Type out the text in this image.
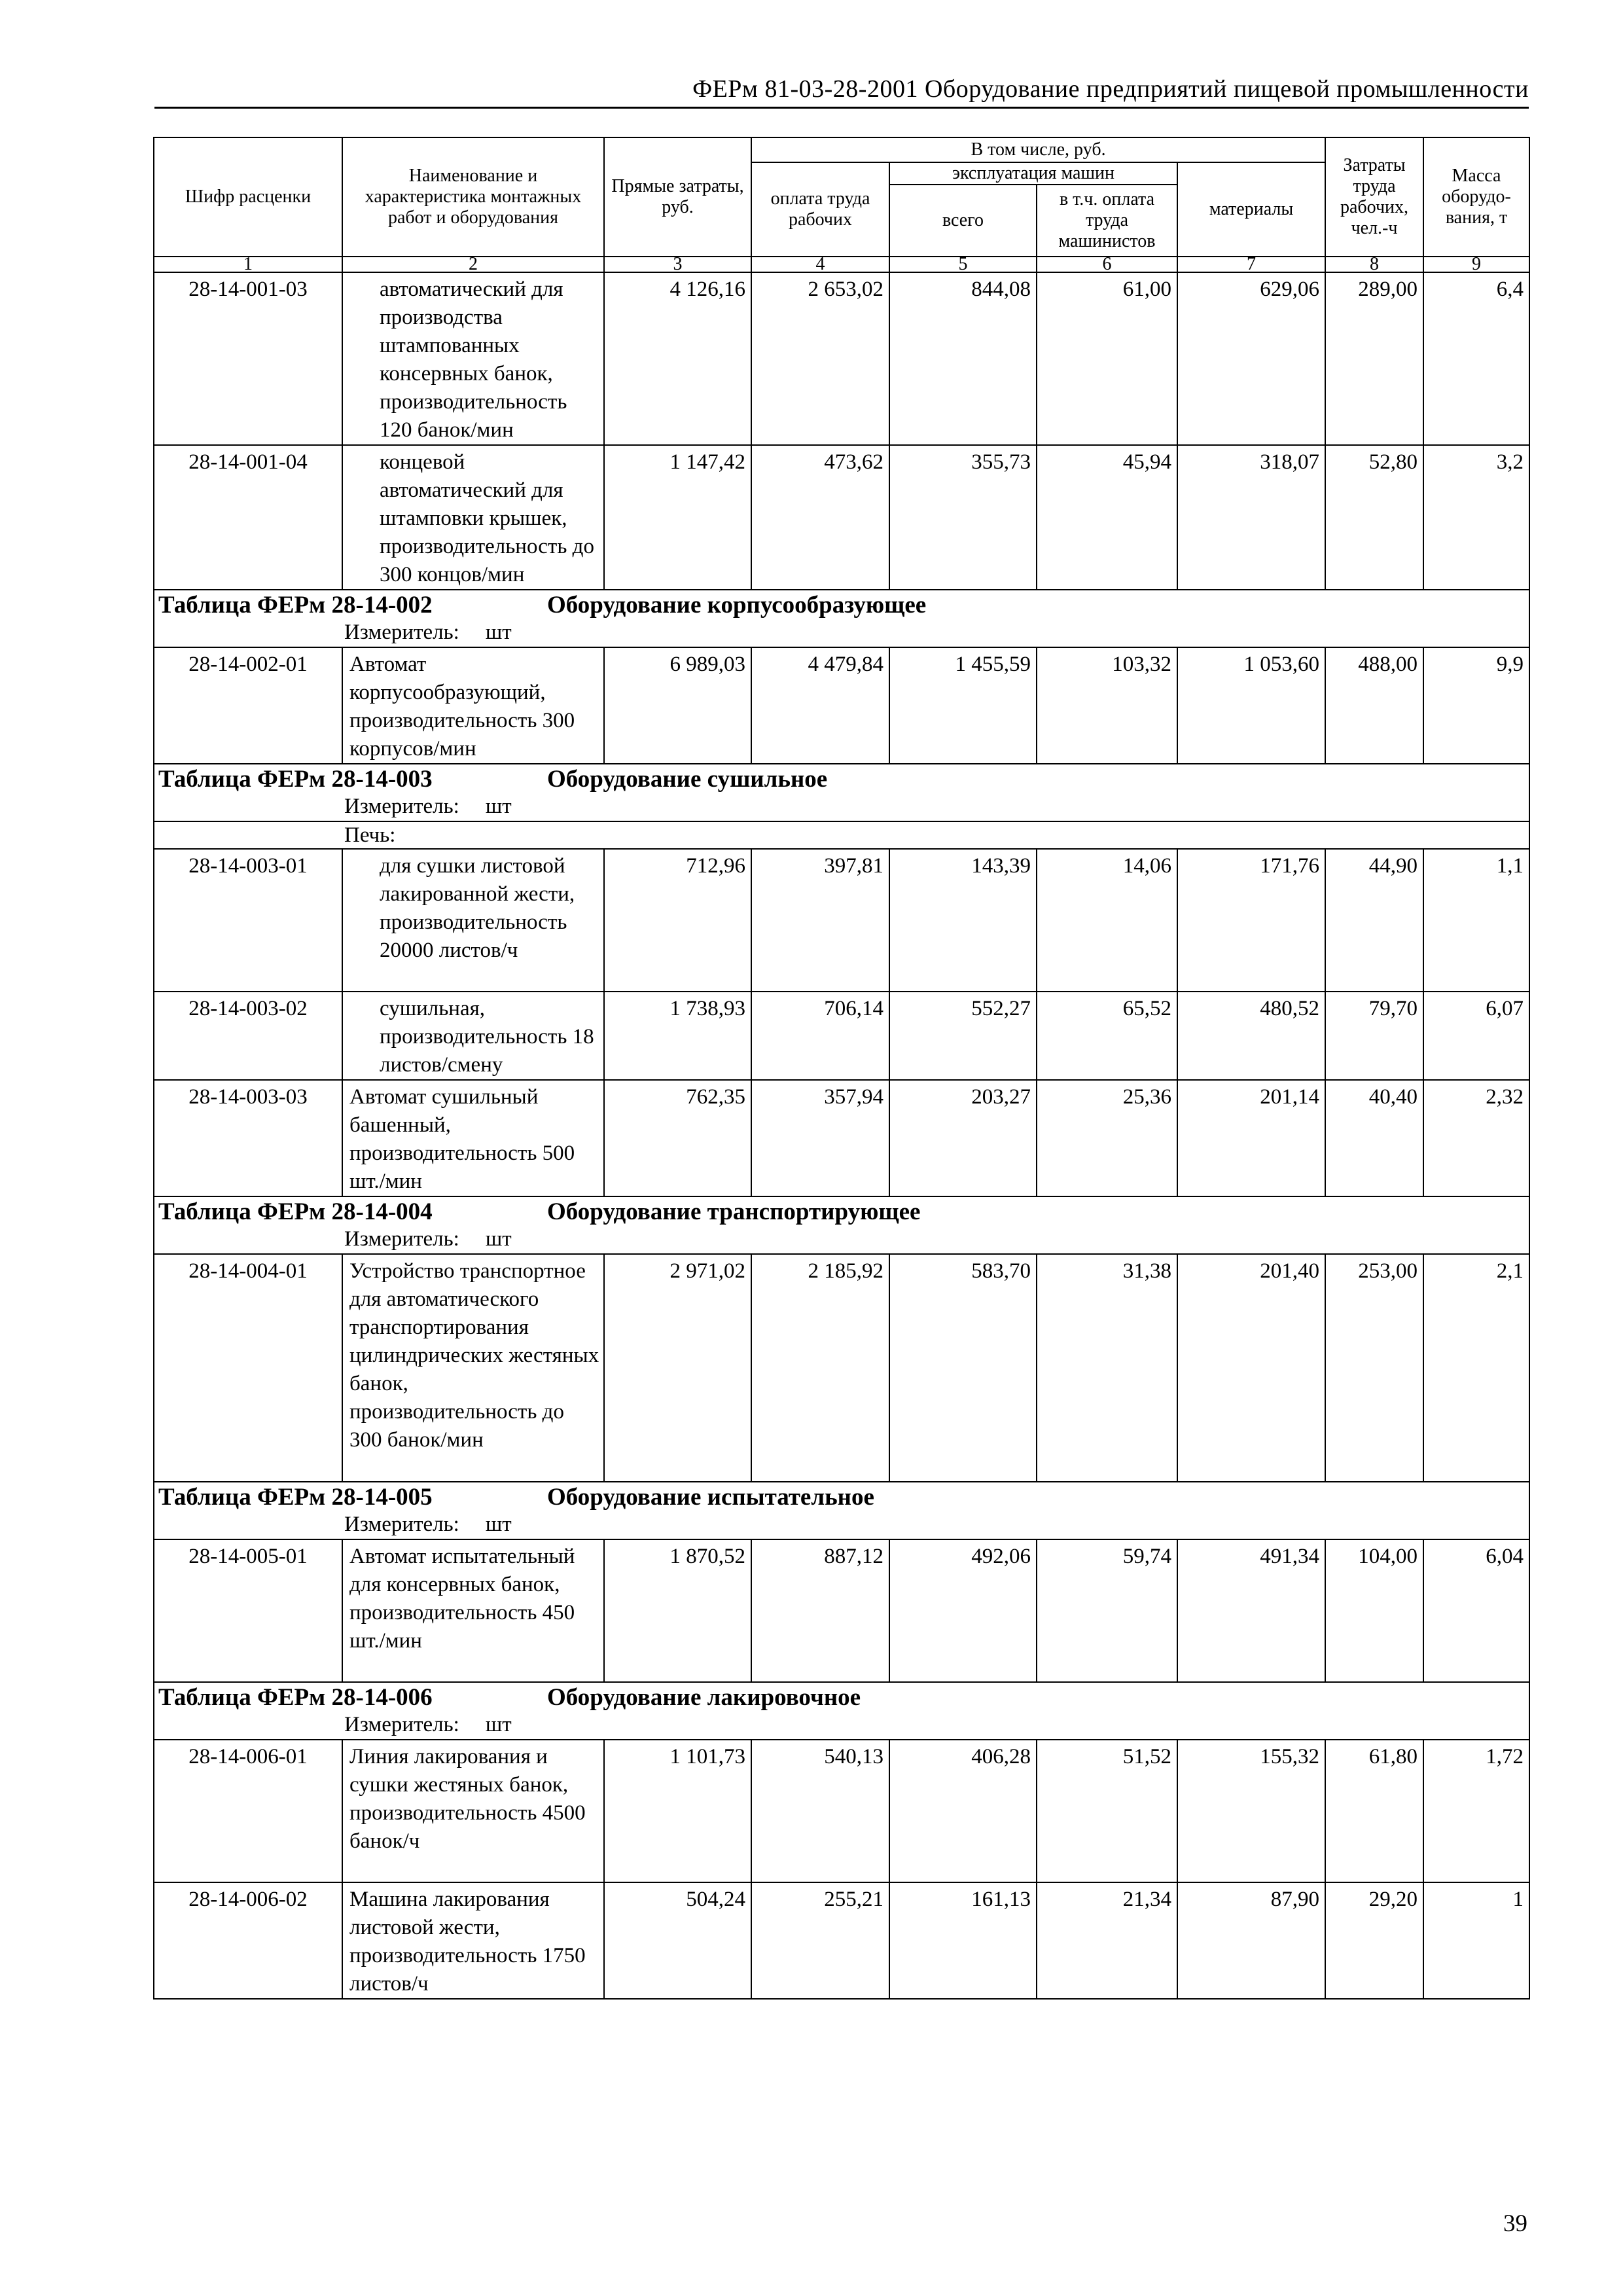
ФЕРм 81-03-28-2001 Оборудование предприятий пищевой промышленности
Шифр расценки	Наименование и характеристика монтажных работ и оборудования	Прямые затраты, руб.	В том числе, руб.				Затраты труда рабочих, чел.-ч	Масса оборудо-вания, т
			оплата труда рабочих	эксплуатация машин		материалы		
				всего	в т.ч. оплата труда машинистов			
1	2	3	4	5	6	7	8	9
28-14-001-03	автоматический для производства штампованных консервных банок, производительность 120 банок/мин	4 126,16	2 653,02	844,08	61,00	629,06	289,00	6,4
28-14-001-04	концевой автоматический для штамповки крышек, производительность до 300 концов/мин	1 147,42	473,62	355,73	45,94	318,07	52,80	3,2
Таблица ФЕРм 28-14-002 Оборудование корпусообразующее								
Измеритель: шт								
28-14-002-01	Автомат корпусообразующий, производительность 300 корпусов/мин	6 989,03	4 479,84	1 455,59	103,32	1 053,60	488,00	9,9
Таблица ФЕРм 28-14-003 Оборудование сушильное								
Измеритель: шт								
Печь:								
28-14-003-01	для сушки листовой лакированной жести, производительность 20000 листов/ч	712,96	397,81	143,39	14,06	171,76	44,90	1,1
28-14-003-02	сушильная, производительность 18 листов/смену	1 738,93	706,14	552,27	65,52	480,52	79,70	6,07
28-14-003-03	Автомат сушильный башенный, производительность 500 шт./мин	762,35	357,94	203,27	25,36	201,14	40,40	2,32
Таблица ФЕРм 28-14-004 Оборудование транспортирующее								
Измеритель: шт								
28-14-004-01	Устройство транспортное для автоматического транспортирования цилиндрических жестяных банок, производительность до 300 банок/мин	2 971,02	2 185,92	583,70	31,38	201,40	253,00	2,1
Таблица ФЕРм 28-14-005 Оборудование испытательное								
Измеритель: шт								
28-14-005-01	Автомат испытательный для консервных банок, производительность 450 шт./мин	1 870,52	887,12	492,06	59,74	491,34	104,00	6,04
Таблица ФЕРм 28-14-006 Оборудование лакировочное								
Измеритель: шт								
28-14-006-01	Линия лакирования и сушки жестяных банок, производительность 4500 банок/ч	1 101,73	540,13	406,28	51,52	155,32	61,80	1,72
28-14-006-02	Машина лакирования листовой жести, производительность 1750 листов/ч	504,24	255,21	161,13	21,34	87,90	29,20	1
39
